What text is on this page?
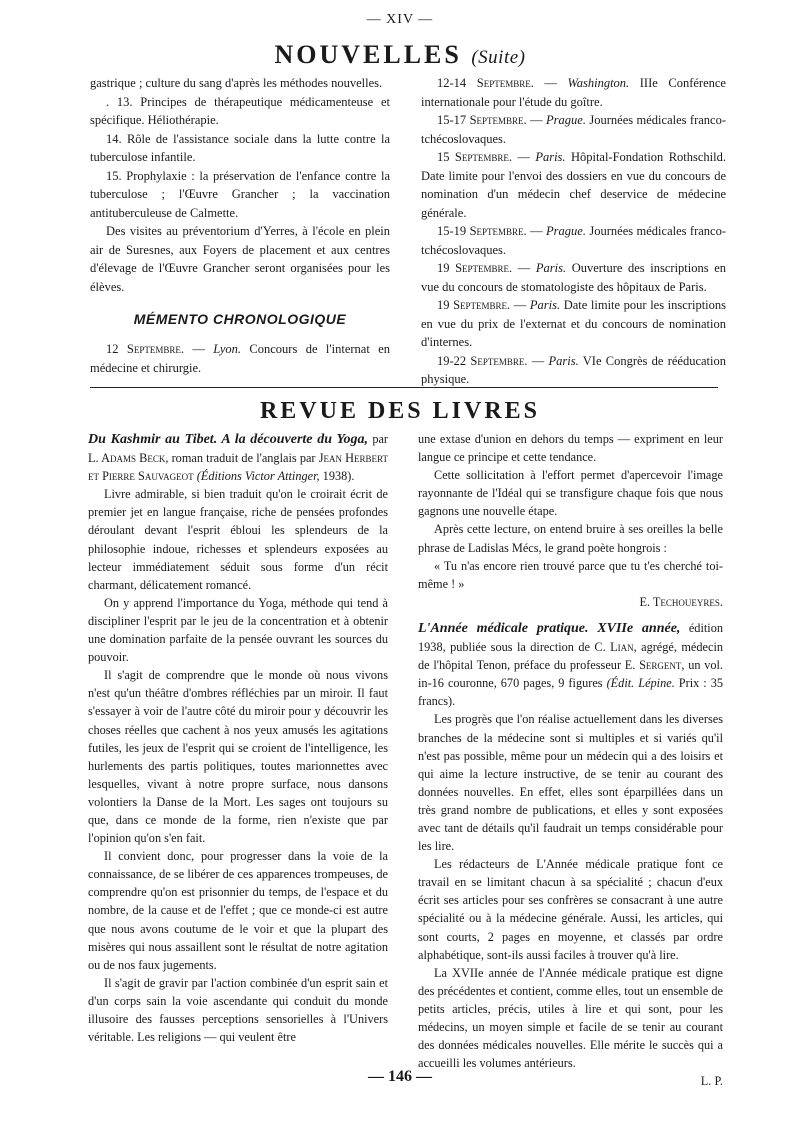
— XIV —
NOUVELLES (Suite)

gastrique ; culture du sang d'après les méthodes nouvelles.

. 13. Principes de thérapeutique médicamenteuse et spécifique. Héliothérapie.

14. Rôle de l'assistance sociale dans la lutte contre la tuberculose infantile.

15. Prophylaxie : la préservation de l'enfance contre la tuberculose ; l'Œuvre Grancher ; la vaccination antituberculeuse de Calmette.

Des visites au préventorium d'Yerres, à l'école en plein air de Suresnes, aux Foyers de placement et aux centres d'élevage de l'Œuvre Grancher seront organisées pour les élèves.

MÉMENTO CHRONOLOGIQUE

12 Septembre. — Lyon. Concours de l'internat en médecine et chirurgie.

12-14 Septembre. — Washington. IIIe Conférence internationale pour l'étude du goître.

15-17 Septembre. — Prague. Journées médicales franco-tchécoslovaques.

15 Septembre. — Paris. Hôpital-Fondation Rothschild. Date limite pour l'envoi des dossiers en vue du concours de nomination d'un médecin chef deservice de médecine générale.

15-19 Septembre. — Prague. Journées médicales franco-tchécoslovaques.

19 Septembre. — Paris. Ouverture des inscriptions en vue du concours de stomatologiste des hôpitaux de Paris.

19 Septembre. — Paris. Date limite pour les inscriptions en vue du prix de l'externat et du concours de nomination d'internes.

19-22 Septembre. — Paris. VIe Congrès de rééducation physique.

REVUE DES LIVRES

Du Kashmir au Tibet. A la découverte du Yoga, par L. Adams Beck, roman traduit de l'anglais par Jean Herbert et Pierre Sauvageot (Éditions Victor Attinger, 1938).

Livre admirable, si bien traduit qu'on le croirait écrit de premier jet en langue française, riche de pensées profondes déroulant devant l'esprit ébloui les splendeurs de la philosophie indoue, richesses et splendeurs exposées au lecteur immédiatement séduit sous forme d'un récit charmant, délicatement romancé.

On y apprend l'importance du Yoga, méthode qui tend à discipliner l'esprit par le jeu de la concentration et à obtenir une domination parfaite de la pensée ouvrant les sources du pouvoir.

Il s'agit de comprendre que le monde où nous vivons n'est qu'un théâtre d'ombres réfléchies par un miroir. Il faut s'essayer à voir de l'autre côté du miroir pour y découvrir les choses réelles que cachent à nos yeux amusés les agitations futiles, les jeux de l'esprit qui se croient de l'intelligence, les hurlements des partis politiques, toutes marionnettes avec lesquelles, vivant à notre propre surface, nous dansons volontiers la Danse de la Mort. Les sages ont toujours su que, dans ce monde de la forme, rien n'existe que par l'opinion qu'on s'en fait.

Il convient donc, pour progresser dans la voie de la connaissance, de se libérer de ces apparences trompeuses, de comprendre qu'on est prisonnier du temps, de l'espace et du nombre, de la cause et de l'effet ; que ce monde-ci est autre que nous avons coutume de le voir et que la plupart des misères qui nous assaillent sont le résultat de notre agitation ou de nos faux jugements.

Il s'agit de gravir par l'action combinée d'un esprit sain et d'un corps sain la voie ascendante qui conduit du monde illusoire des fausses perceptions sensorielles à l'Univers véritable. Les religions — qui veulent être

une extase d'union en dehors du temps — expriment en leur langue ce principe et cette tendance.

Cette sollicitation à l'effort permet d'apercevoir l'image rayonnante de l'Idéal qui se transfigure chaque fois que nous gagnons une nouvelle étape.

Après cette lecture, on entend bruire à ses oreilles la belle phrase de Ladislas Mécs, le grand poète hongrois :

« Tu n'as encore rien trouvé parce que tu t'es cherché toi-même ! »

E. Techoueyres.

L'Année médicale pratique. XVIIe année, édition 1938, publiée sous la direction de C. Lian, agrégé, médecin de l'hôpital Tenon, préface du professeur E. Sergent, un vol. in-16 couronne, 670 pages, 9 figures (Édit. Lépine. Prix : 35 francs).

Les progrès que l'on réalise actuellement dans les diverses branches de la médecine sont si multiples et si variés qu'il n'est pas possible, même pour un médecin qui a des loisirs et qui aime la lecture instructive, de se tenir au courant des données nouvelles. En effet, elles sont éparpillées dans un très grand nombre de publications, et elles y sont exposées avec tant de détails qu'il faudrait un temps considérable pour les lire.

Les rédacteurs de L'Année médicale pratique font ce travail en se limitant chacun à sa spécialité ; chacun d'eux écrit ses articles pour ses confrères se consacrant à une autre spécialité ou à la médecine générale. Aussi, les articles, qui sont courts, 2 pages en moyenne, et classés par ordre alphabétique, sont-ils aussi faciles à trouver qu'à lire.

La XVIIe année de l'Année médicale pratique est digne des précédentes et contient, comme elles, tout un ensemble de petits articles, précis, utiles à lire et qui sont, pour les médecins, un moyen simple et facile de se tenir au courant des données médicales nouvelles. Elle mérite le succès qui a accueilli les volumes antérieurs.

L. P.

— 146 —
